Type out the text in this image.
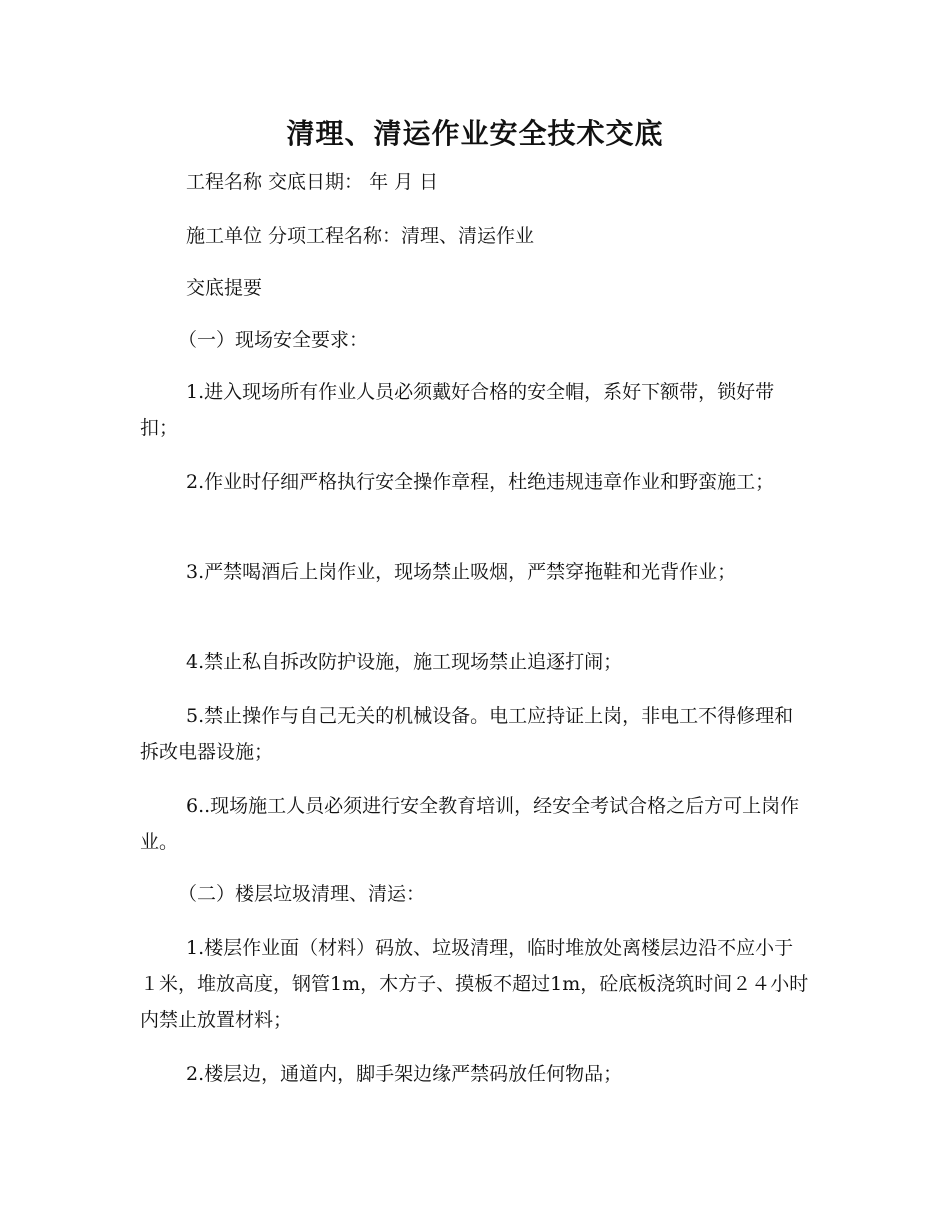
清理、清运作业安全技术交底

工程名称 交底日期： 年 月 日

施工单位 分项工程名称：清理、清运作业

交底提要

（一）现场安全要求：

1.进入现场所有作业人员必须戴好合格的安全帽，系好下额带，锁好带扣；

2.作业时仔细严格执行安全操作章程，杜绝违规违章作业和野蛮施工；

3.严禁喝酒后上岗作业，现场禁止吸烟，严禁穿拖鞋和光背作业；

4.禁止私自拆改防护设施，施工现场禁止追逐打闹；

5.禁止操作与自己无关的机械设备。电工应持证上岗，非电工不得修理和拆改电器设施；

6..现场施工人员必须进行安全教育培训，经安全考试合格之后方可上岗作业。

（二）楼层垃圾清理、清运：

1.楼层作业面（材料）码放、垃圾清理，临时堆放处离楼层边沿不应小于１米，堆放高度，钢管1m，木方子、摸板不超过1m，砼底板浇筑时间２４小时内禁止放置材料；

2.楼层边，通道内，脚手架边缘严禁码放任何物品；
